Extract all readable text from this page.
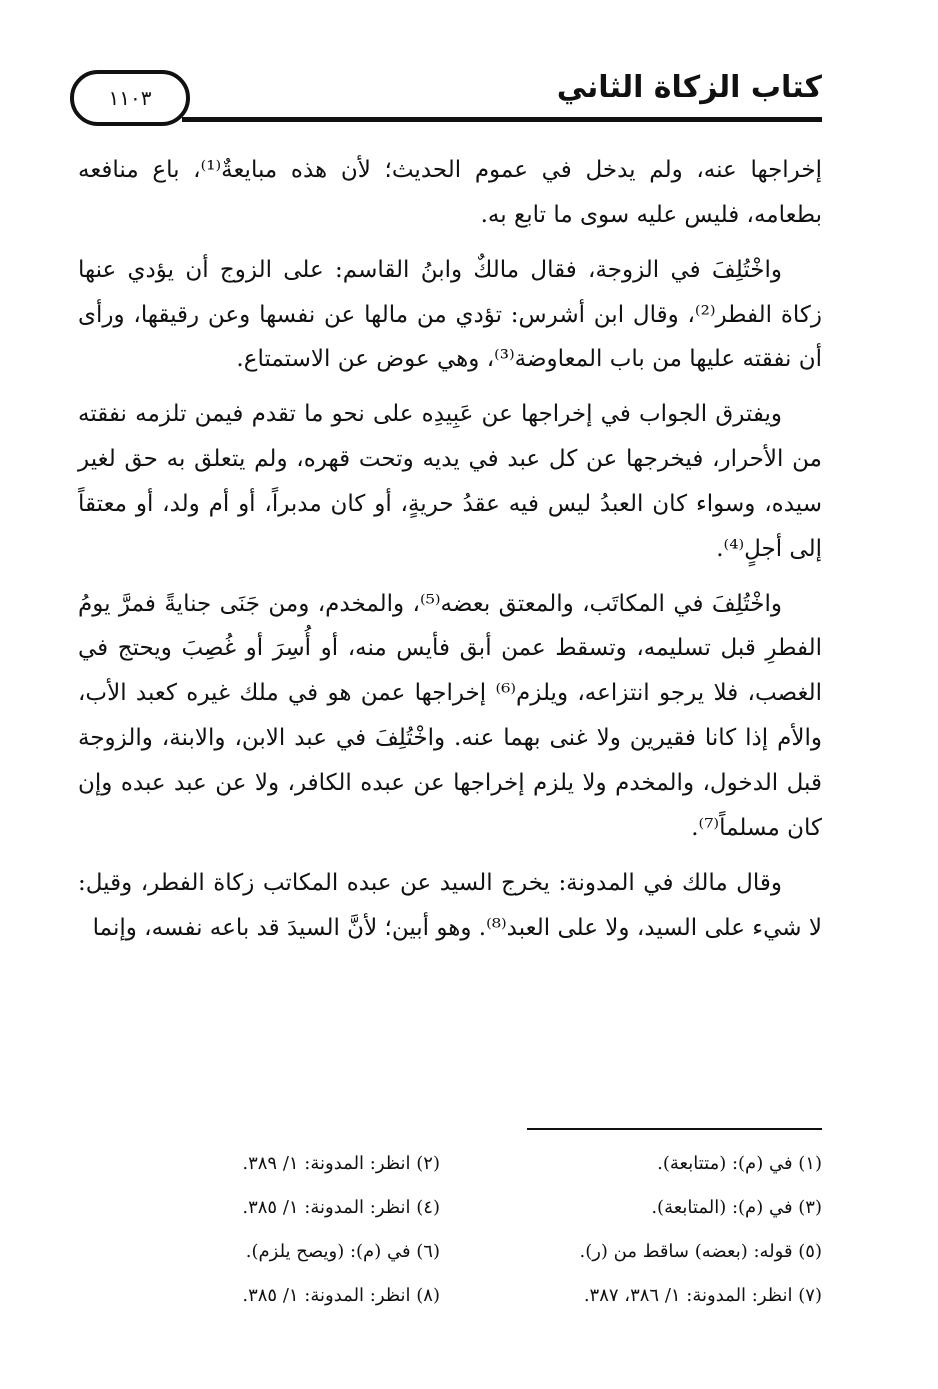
١١٠٣	كتاب الزكاة الثاني

إخراجها عنه، ولم يدخل في عموم الحديث؛ لأن هذه مبايعةٌ⁽¹⁾، باع منافعه بطعامه، فليس عليه سوى ما تابع به.

واخْتُلِفَ في الزوجة، فقال مالكٌ وابنُ القاسم: على الزوج أن يؤدي عنها زكاة الفطر⁽²⁾، وقال ابن أشرس: تؤدي من مالها عن نفسها وعن رقيقها، ورأى أن نفقته عليها من باب المعاوضة⁽³⁾، وهي عوض عن الاستمتاع.

ويفترق الجواب في إخراجها عن عَبِيدِه على نحو ما تقدم فيمن تلزمه نفقته من الأحرار، فيخرجها عن كل عبد في يديه وتحت قهره، ولم يتعلق به حق لغير سيده، وسواء كان العبدُ ليس فيه عقدُ حريةٍ، أو كان مدبراً، أو أم ولد، أو معتقاً إلى أجلٍ⁽⁴⁾.

واخْتُلِفَ في المكاتَب، والمعتق بعضه⁽⁵⁾، والمخدم، ومن جَنَى جنايةً فمرَّ يومُ الفطرِ قبل تسليمه، وتسقط عمن أبق فأيس منه، أو أُسِرَ أو غُصِبَ ويحتج في الغصب، فلا يرجو انتزاعه، ويلزم⁽⁶⁾ إخراجها عمن هو في ملك غيره كعبد الأب، والأم إذا كانا فقيرين ولا غنى بهما عنه. واخْتُلِفَ في عبد الابن، والابنة، والزوجة قبل الدخول، والمخدم ولا يلزم إخراجها عن عبده الكافر، ولا عن عبد عبده وإن كان مسلماً⁽⁷⁾.

وقال مالك في المدونة: يخرج السيد عن عبده المكاتب زكاة الفطر، وقيل: لا شيء على السيد، ولا على العبد⁽⁸⁾. وهو أبين؛ لأنَّ السيدَ قد باعه نفسه، وإنما

(١) في (م): (متتابعة).
(٢) انظر: المدونة: ١/ ٣٨٩.
(٣) في (م): (المتابعة).
(٤) انظر: المدونة: ١/ ٣٨٥.
(٥) قوله: (بعضه) ساقط من (ر).
(٦) في (م): (ويصح يلزم).
(٧) انظر: المدونة: ١/ ٣٨٦، ٣٨٧.
(٨) انظر: المدونة: ١/ ٣٨٥.
